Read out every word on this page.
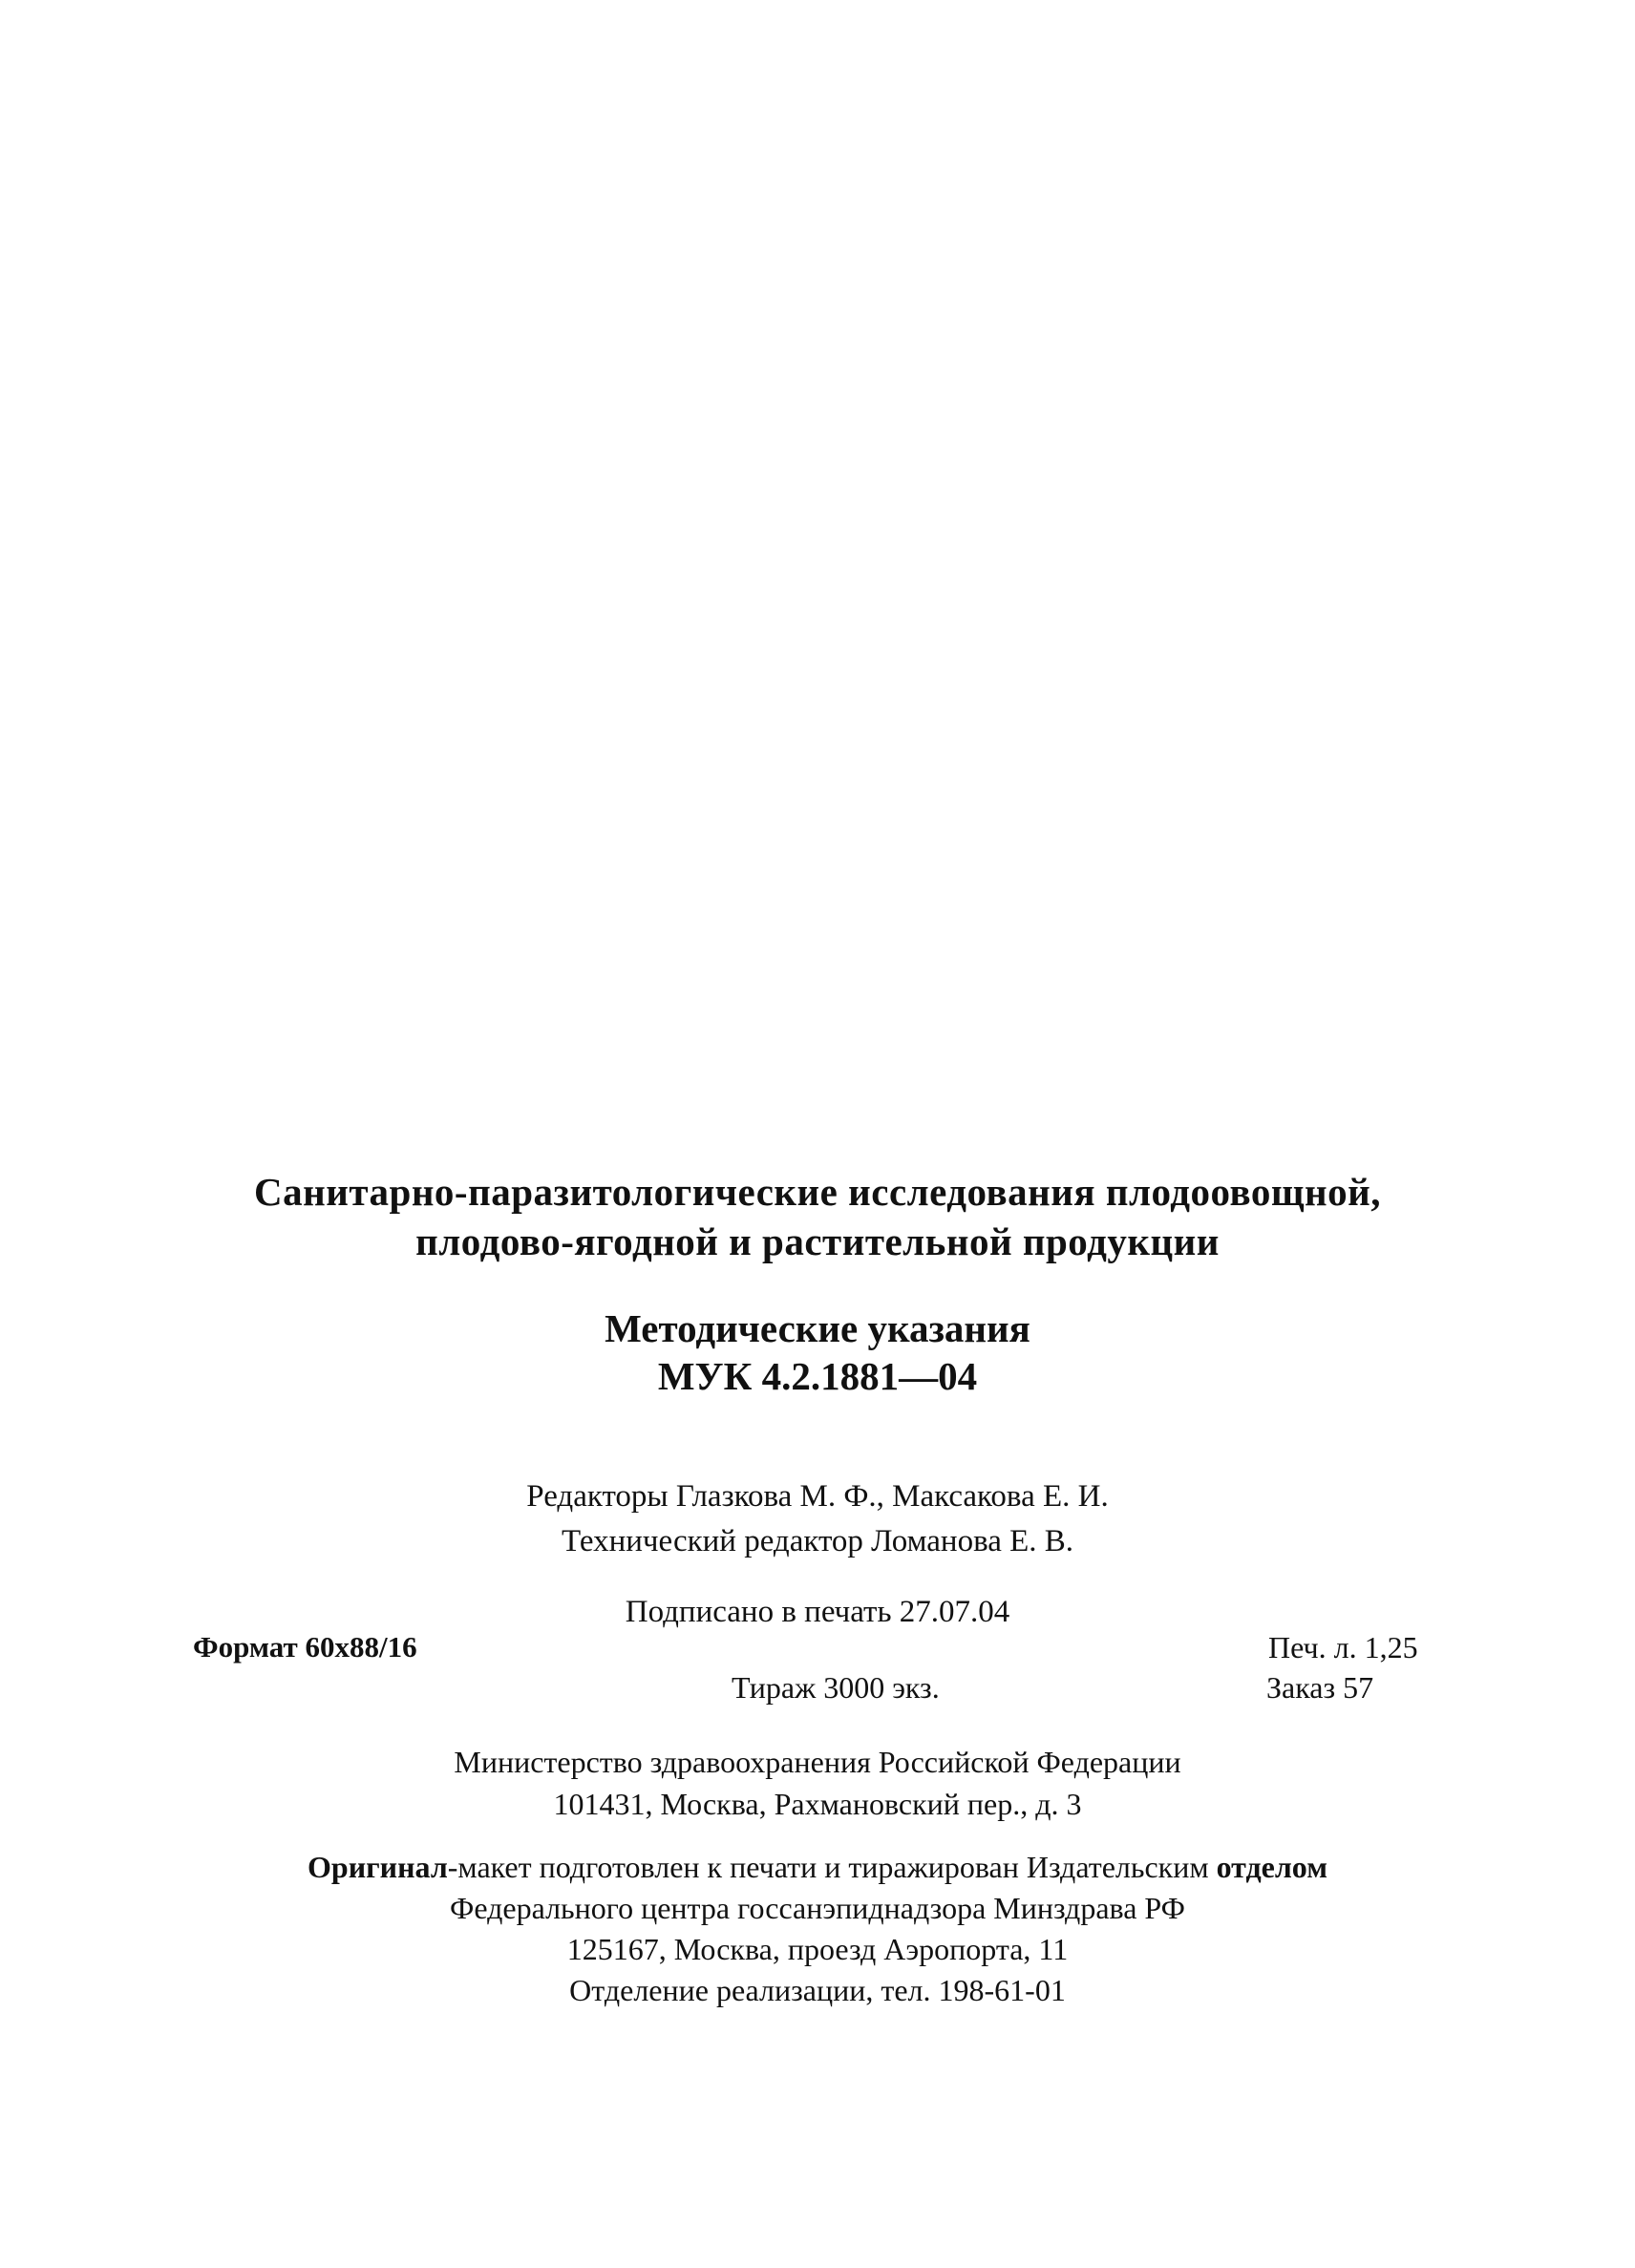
Санитарно-паразитологические исследования плодоовощной,
плодово-ягодной и растительной продукции
Методические указания
МУК 4.2.1881—04
Редакторы Глазкова М. Ф., Максакова Е. И.
Технический редактор Ломанова Е. В.
Подписано в печать 27.07.04
Формат 60x88/16	Печ. л. 1,25
Тираж 3000 экз.	Заказ 57
Министерство здравоохранения Российской Федерации
101431, Москва, Рахмановский пер., д. 3
Оригинал-макет подготовлен к печати и тиражирован Издательским отделом
Федерального центра госсанэпиднадзора Минздрава РФ
125167, Москва, проезд Аэропорта, 11
Отделение реализации, тел. 198-61-01
